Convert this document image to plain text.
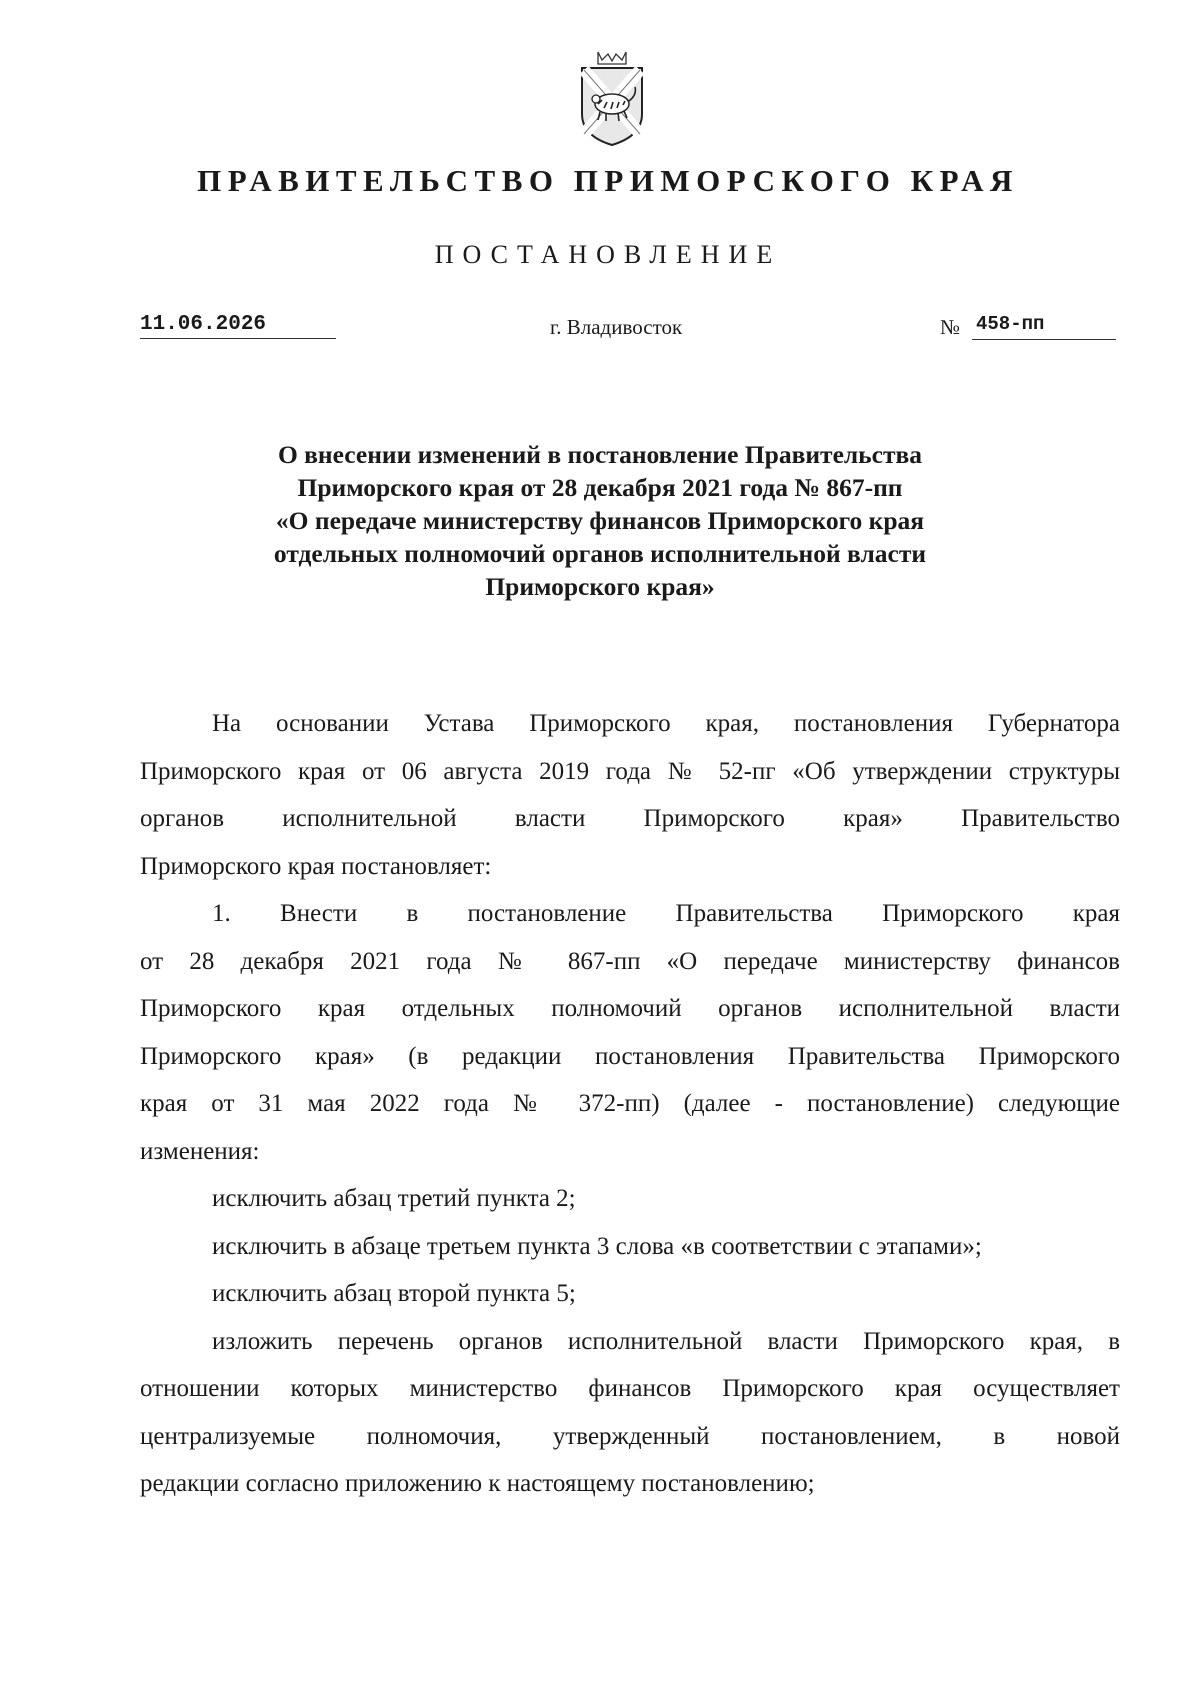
ПРАВИТЕЛЬСТВО ПРИМОРСКОГО КРАЯ
ПОСТАНОВЛЕНИЕ
11.06.2026	г. Владивосток	№ 458-пп
О внесении изменений в постановление Правительства
Приморского края от 28 декабря 2021 года № 867-пп
«О передаче министерству финансов Приморского края
отдельных полномочий органов исполнительной власти
Приморского края»
На основании Устава Приморского края, постановления Губернатора
Приморского края от 06 августа 2019 года № 52-пг «Об утверждении структуры
органов исполнительной власти Приморского края» Правительство
Приморского края постановляет:
1. Внести в постановление Правительства Приморского края
от 28 декабря 2021 года № 867-пп «О передаче министерству финансов
Приморского края отдельных полномочий органов исполнительной власти
Приморского края» (в редакции постановления Правительства Приморского
края от 31 мая 2022 года № 372-пп) (далее - постановление) следующие
изменения:
исключить абзац третий пункта 2;
исключить в абзаце третьем пункта 3 слова «в соответствии с этапами»;
исключить абзац второй пункта 5;
изложить перечень органов исполнительной власти Приморского края, в
отношении которых министерство финансов Приморского края осуществляет
централизуемые полномочия, утвержденный постановлением, в новой
редакции согласно приложению к настоящему постановлению;
